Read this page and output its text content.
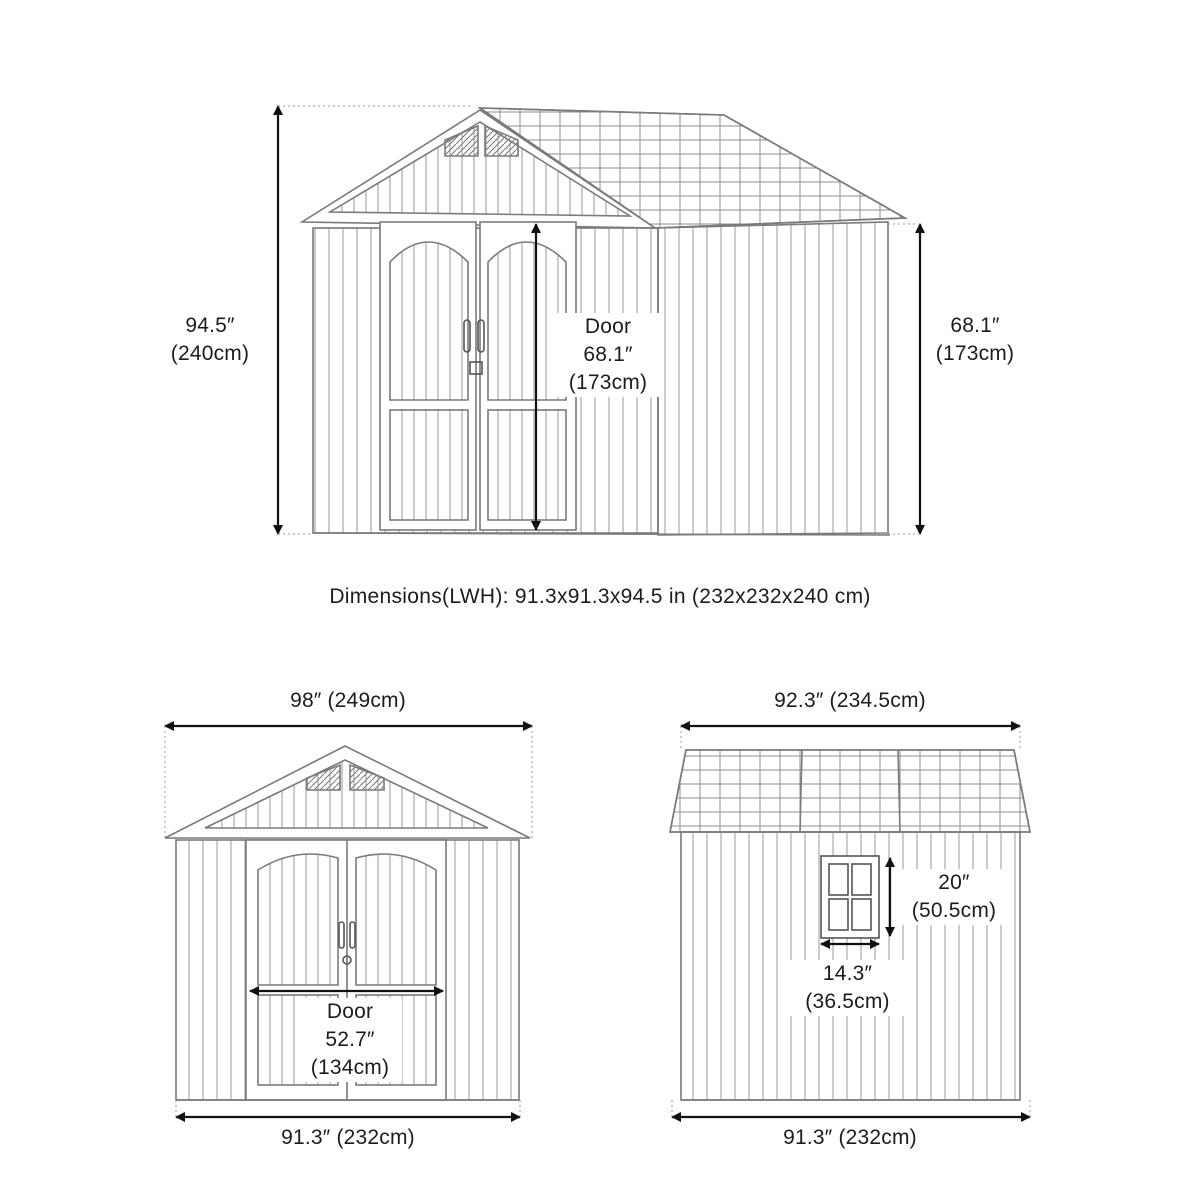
94.5″
(240cm)
Door
68.1″
(173cm)
68.1″
(173cm)
Dimensions(LWH): 91.3x91.3x94.5 in (232x232x240 cm)
98″ (249cm)
Door
52.7″
(134cm)
91.3″ (232cm)
92.3″ (234.5cm)
20″
(50.5cm)
14.3″
(36.5cm)
91.3″ (232cm)
